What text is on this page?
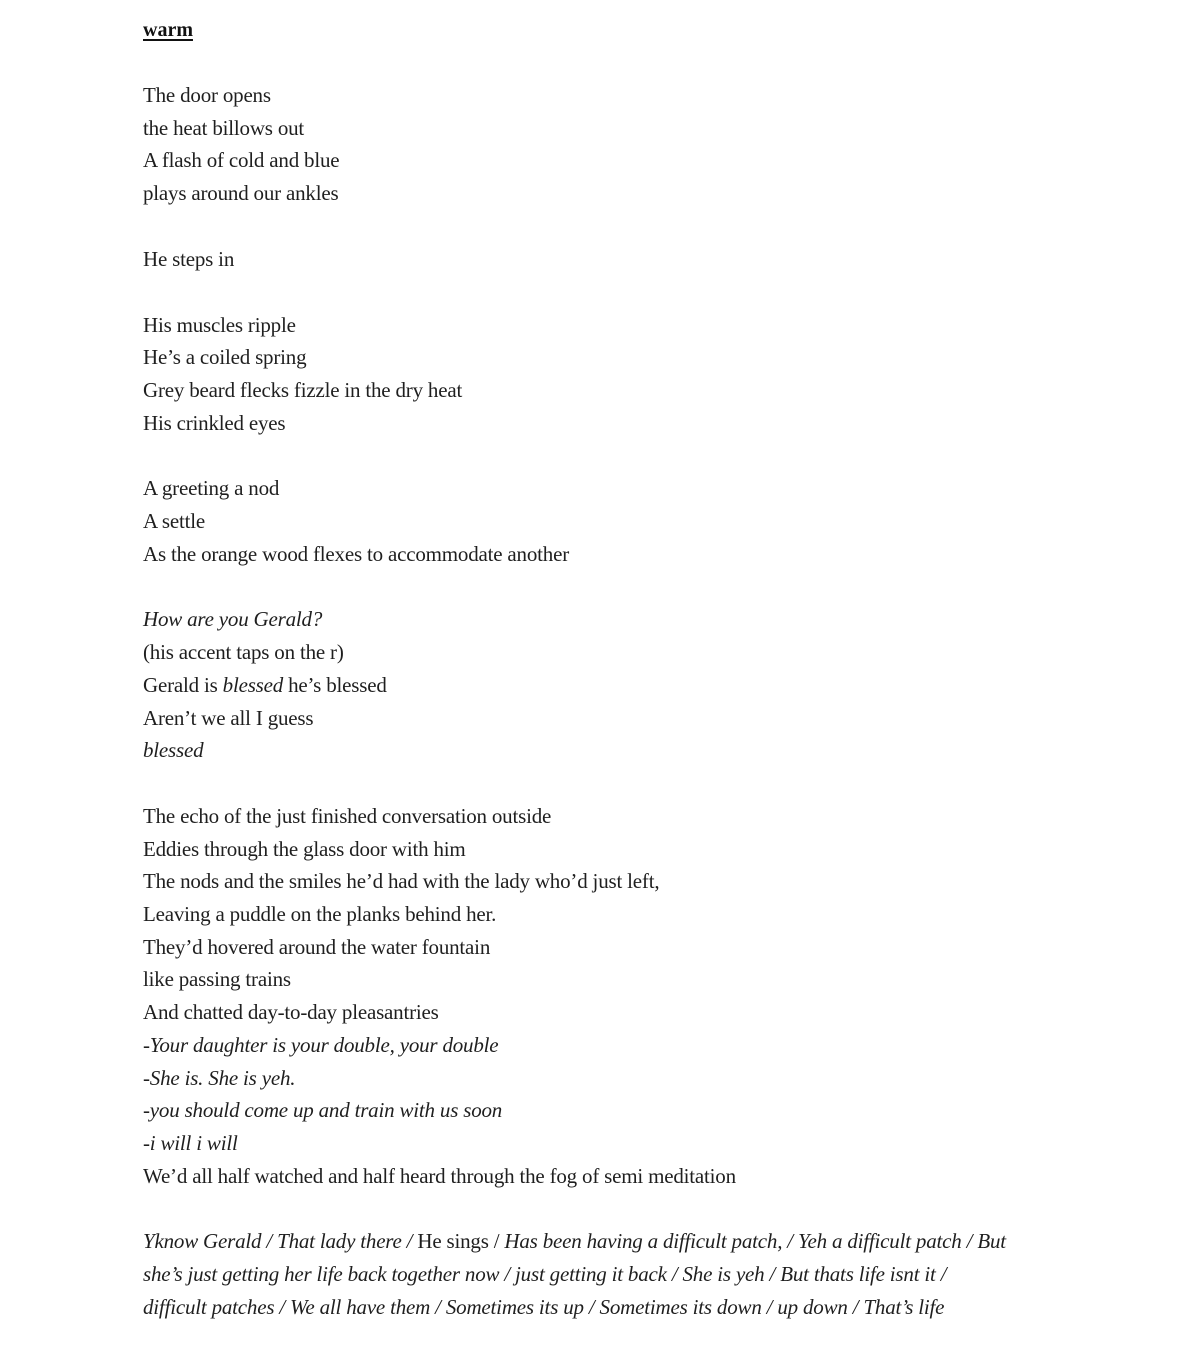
warm
The door opens
the heat billows out
A flash of cold and blue
plays around our ankles
He steps in
His muscles ripple
He’s a coiled spring
Grey beard flecks fizzle in the dry heat
His crinkled eyes
A greeting a nod
A settle
As the orange wood flexes to accommodate another
How are you Gerald?
(his accent taps on the r)
Gerald is blessed he’s blessed
Aren’t we all I guess
blessed
The echo of the just finished conversation outside
Eddies through the glass door with him
The nods and the smiles he’d had with the lady who’d just left,
Leaving a puddle on the planks behind her.
They’d hovered around the water fountain
like passing trains
And chatted day-to-day pleasantries
-Your daughter is your double, your double
-She is. She is yeh.
-you should come up and train with us soon
-i will i will
We’d all half watched and half heard through the fog of semi meditation
Yknow Gerald / That lady there / He sings / Has been having a difficult patch, / Yeh a difficult patch / But she’s just getting her life back together now / just getting it back / She is yeh / But thats life isnt it / difficult patches / We all have them / Sometimes its up / Sometimes its down / up down / That’s life
